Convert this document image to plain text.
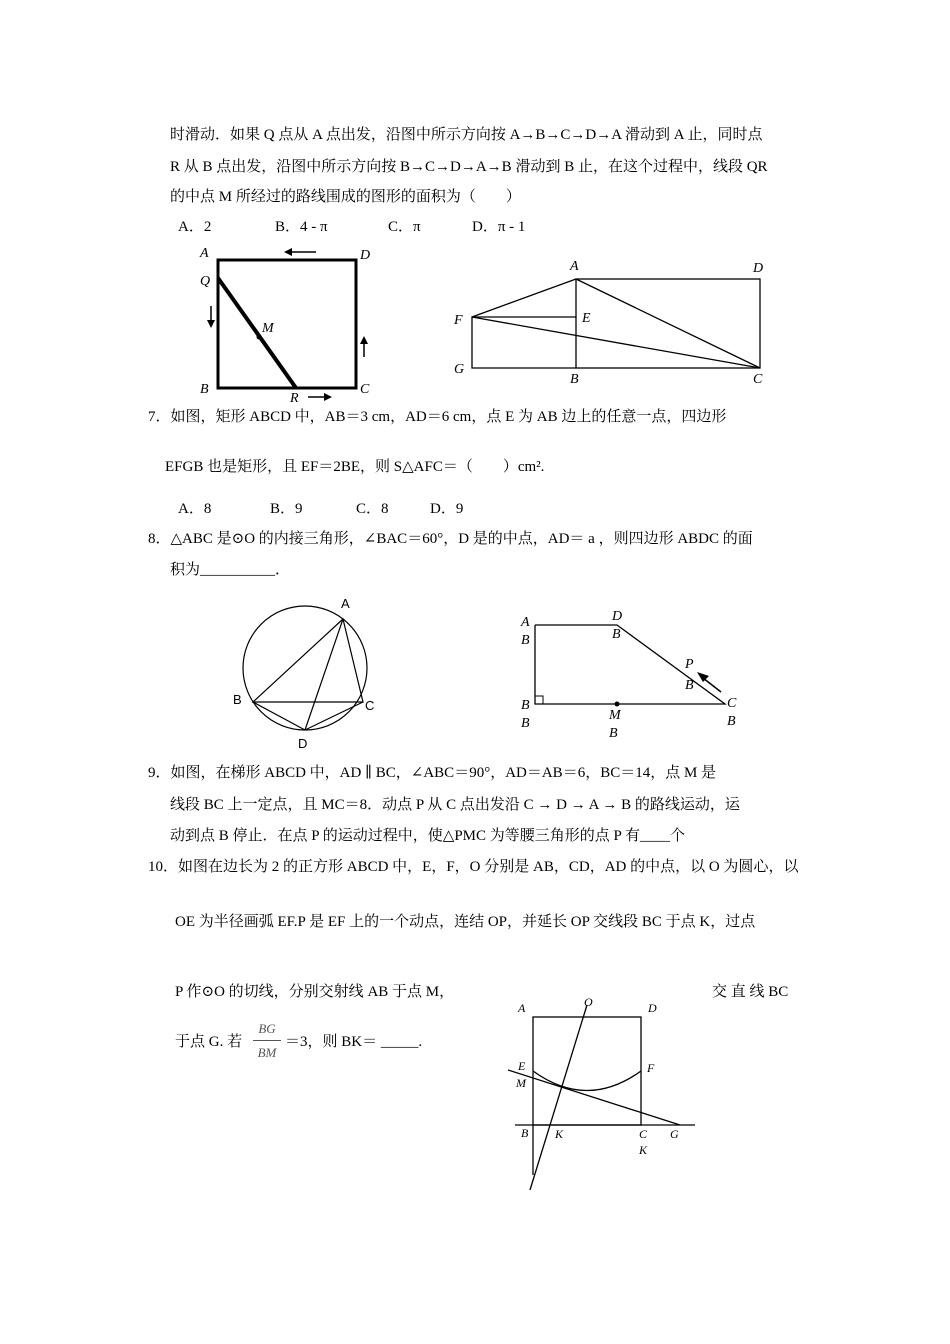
时滑动．如果 Q 点从 A 点出发，沿图中所示方向按 A→B→C→D→A 滑动到 A 止，同时点
R 从 B 点出发，沿图中所示方向按 B→C→D→A→B 滑动到 B 止，在这个过程中，线段 QR
的中点 M 所经过的路线围成的图形的面积为（　　）
A．2	B．4 - π	C．π	D．π - 1
A	D
Q
M
B	C
R
A	D
E
F
G
B	C
7．如图，矩形 ABCD 中，AB＝3 cm，AD＝6 cm，点 E 为 AB 边上的任意一点，四边形
EFGB 也是矩形，且 EF＝2BE，则 S△AFC＝（　　）cm².
A．8	B．9	C．8	D．9
8．△ABC 是⊙O 的内接三角形，∠BAC＝60°，D 是的中点，AD＝ a ，则四边形 ABDC 的面
积为__________．
A
B	C
D
A
B
D
B
P
B
B
B
M
B
C
B
9．如图，在梯形 ABCD 中，AD ∥ BC，∠ABC＝90°，AD＝AB＝6，BC＝14，点 M 是
线段 BC 上一定点，且 MC＝8．动点 P 从 C 点出发沿 C → D → A → B 的路线运动，运
动到点 B 停止．在点 P 的运动过程中，使△PMC 为等腰三角形的点 P 有____个
10．如图在边长为 2 的正方形 ABCD 中，E，F，O 分别是 AB，CD，AD 的中点，以 O 为圆心，以
OE 为半径画弧 EF.P 是 EF 上的一个动点，连结 OP，并延长 OP 交线段 BC 于点 K，过点
P 作⊙O 的切线，分别交射线 AB 于点 M，	交 直 线 BC
于点 G. 若
BG
BM
＝3，则 BK＝ _____.
A	O	D
E
M
F
B K	C G
K
